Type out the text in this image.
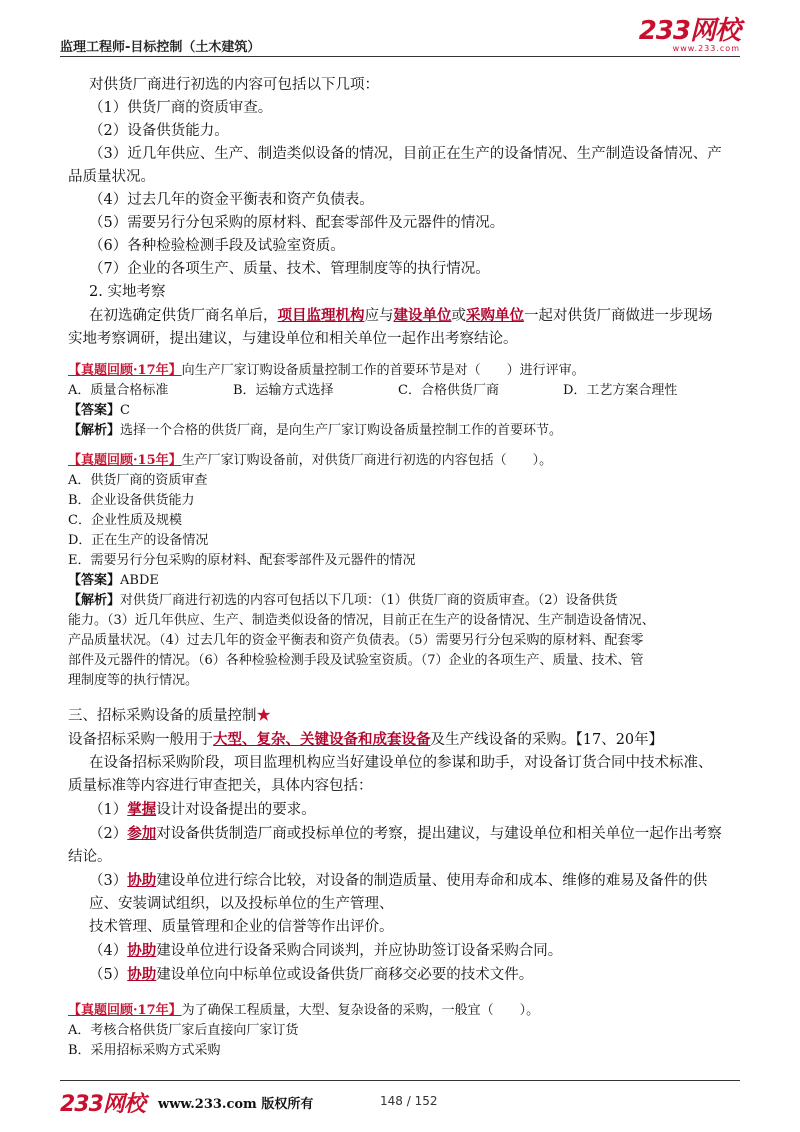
监理工程师-目标控制（土木建筑）
233网校
www.233.com

对供货厂商进行初选的内容可包括以下几项：

（1）供货厂商的资质审查。

（2）设备供货能力。

（3）近几年供应、生产、制造类似设备的情况，目前正在生产的设备情况、生产制造设备情况、产

品质量状况。

（4）过去几年的资金平衡表和资产负债表。

（5）需要另行分包采购的原材料、配套零部件及元器件的情况。

（6）各种检验检测手段及试验室资质。

（7）企业的各项生产、质量、技术、管理制度等的执行情况。

2. 实地考察

在初选确定供货厂商名单后，项目监理机构应与建设单位或采购单位一起对供货厂商做进一步现场

实地考察调研，提出建议，与建设单位和相关单位一起作出考察结论。

【真题回顾·17年】向生产厂家订购设备质量控制工作的首要环节是对（　　）进行评审。

A．质量合格标准	B．运输方式选择	C．合格供货厂商	D．工艺方案合理性

【答案】C

【解析】选择一个合格的供货厂商，是向生产厂家订购设备质量控制工作的首要环节。

【真题回顾·15年】生产厂家订购设备前，对供货厂商进行初选的内容包括（　　）。

A．供货厂商的资质审查

B．企业设备供货能力

C．企业性质及规模

D．正在生产的设备情况

E．需要另行分包采购的原材料、配套零部件及元器件的情况

【答案】ABDE

【解析】对供货厂商进行初选的内容可包括以下几项：（1）供货厂商的资质审查。（2）设备供货

能力。（3）近几年供应、生产、制造类似设备的情况，目前正在生产的设备情况、生产制造设备情况、

产品质量状况。（4）过去几年的资金平衡表和资产负债表。（5）需要另行分包采购的原材料、配套零

部件及元器件的情况。（6）各种检验检测手段及试验室资质。（7）企业的各项生产、质量、技术、管

理制度等的执行情况。

三、招标采购设备的质量控制★

设备招标采购一般用于大型、复杂、关键设备和成套设备及生产线设备的采购。【17、20年】

在设备招标采购阶段，项目监理机构应当好建设单位的参谋和助手，对设备订货合同中技术标准、

质量标准等内容进行审查把关，具体内容包括：

（1）掌握设计对设备提出的要求。

（2）参加对设备供货制造厂商或投标单位的考察，提出建议，与建设单位和相关单位一起作出考察

结论。

（3）协助建设单位进行综合比较，对设备的制造质量、使用寿命和成本、维修的难易及备件的供

应、安装调试组织，以及投标单位的生产管理、

技术管理、质量管理和企业的信誉等作出评价。

（4）协助建设单位进行设备采购合同谈判，并应协助签订设备采购合同。

（5）协助建设单位向中标单位或设备供货厂商移交必要的技术文件。

【真题回顾·17年】为了确保工程质量，大型、复杂设备的采购，一般宜（　　）。

A．考核合格供货厂家后直接向厂家订货

B．采用招标采购方式采购

233网校 www.233.com 版权所有	148 / 152
